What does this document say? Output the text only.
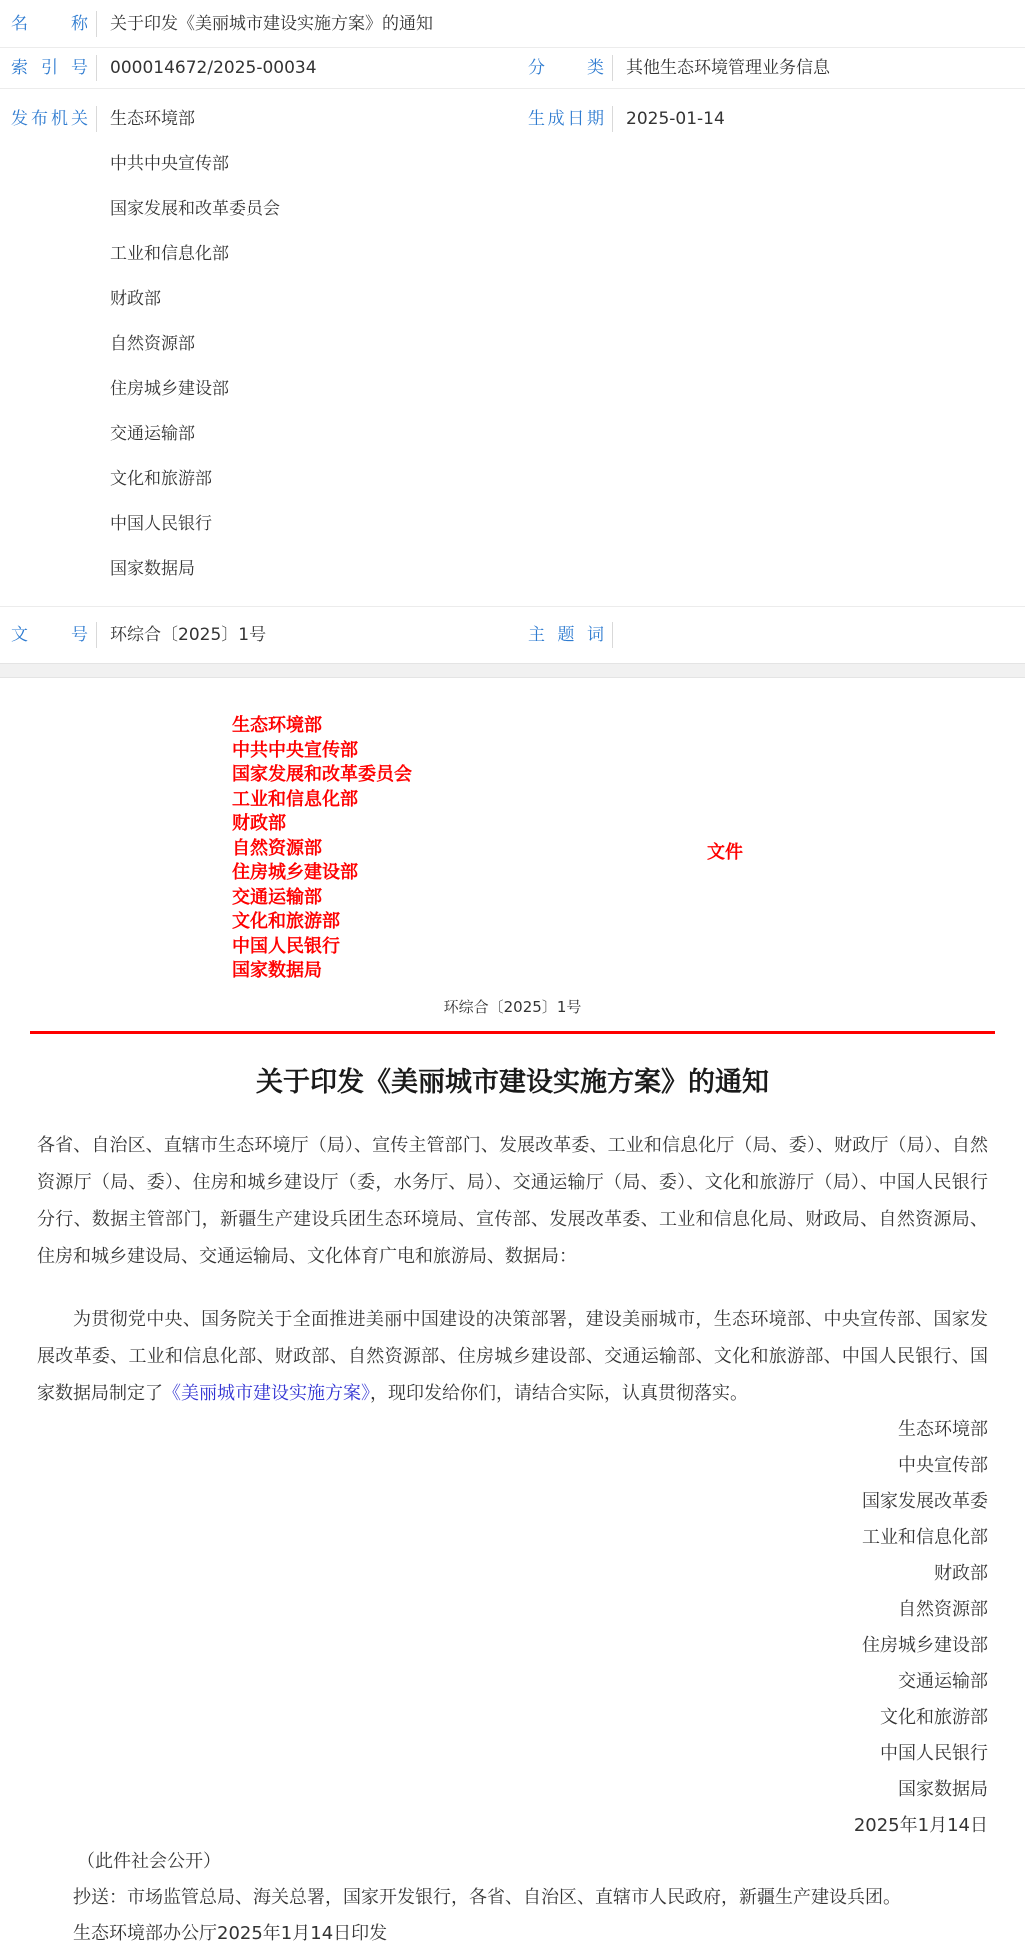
名	称 关于印发《美丽城市建设实施方案》的通知
索 引 号 000014672/2025-00034	分 类 其他生态环境管理业务信息
发 布 机 关 生态环境部
中共中央宣传部
国家发展和改革委员会
工业和信息化部
财政部
自然资源部
住房城乡建设部
交通运输部
文化和旅游部
中国人民银行
国家数据局
生 成 日 期 2025-01-14
文	号 环综合〔2025〕1号	主 题 词
生态环境部
中共中央宣传部
国家发展和改革委员会
工业和信息化部
财政部
自然资源部
住房城乡建设部
交通运输部
文化和旅游部
中国人民银行
国家数据局
文件
环综合〔2025〕1号
关于印发《美丽城市建设实施方案》的通知

各省、自治区、直辖市生态环境厅（局）、宣传主管部门、发展改革委、工业和信息化厅（局、委）、财政厅（局）、自然资源厅（局、委）、住房和城乡建设厅（委，水务厅、局）、交通运输厅（局、委）、文化和旅游厅（局）、中国人民银行分行、数据主管部门，新疆生产建设兵团生态环境局、宣传部、发展改革委、工业和信息化局、财政局、自然资源局、住房和城乡建设局、交通运输局、文化体育广电和旅游局、数据局：

为贯彻党中央、国务院关于全面推进美丽中国建设的决策部署，建设美丽城市，生态环境部、中央宣传部、国家发展改革委、工业和信息化部、财政部、自然资源部、住房城乡建设部、交通运输部、文化和旅游部、中国人民银行、国家数据局制定了《美丽城市建设实施方案》，现印发给你们，请结合实际，认真贯彻落实。

生态环境部
中央宣传部
国家发展改革委
工业和信息化部
财政部
自然资源部
住房城乡建设部
交通运输部
文化和旅游部
中国人民银行
国家数据局
2025年1月14日

（此件社会公开）

抄送：市场监管总局、海关总署，国家开发银行，各省、自治区、直辖市人民政府，新疆生产建设兵团。

生态环境部办公厅2025年1月14日印发
